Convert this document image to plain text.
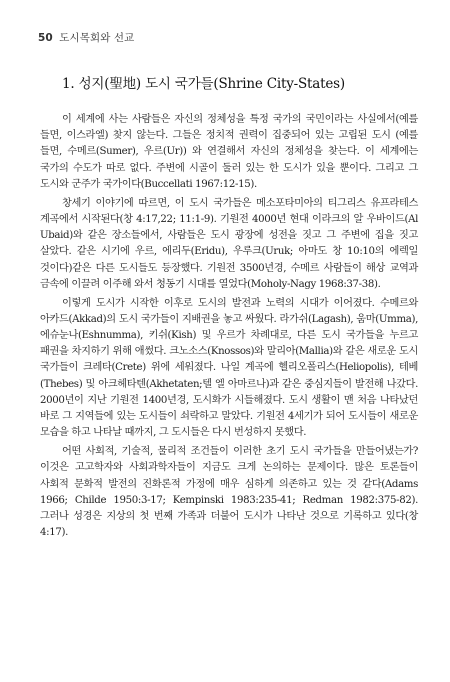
50 도시목회와 선교
1. 성지(聖地) 도시 국가들(Shrine City-States)

이 세계에 사는 사람들은 자신의 정체성을 특정 국가의 국민이라는 사실에서(예를 들면, 이스라엘) 찾지 않는다. 그들은 정치적 권력이 집중되어 있는 고립된 도시 (예를 들면, 수메르(Sumer), 우르(Ur)) 와 연결해서 자신의 정체성을 찾는다. 이 세계에는 국가의 수도가 따로 없다. 주변에 시골이 둘러 있는 한 도시가 있을 뿐이다. 그리고 그 도시와 군주가 국가이다(Buccellati 1967:12-15).

창세기 이야기에 따르면, 이 도시 국가들은 메소포타미아의 티그리스 유프라테스 계곡에서 시작된다(창 4:17,22; 11:1-9). 기원전 4000년 현대 이라크의 알 우바이드(Al Ubaid)와 같은 장소들에서, 사람들은 도시 광장에 성전을 짓고 그 주변에 집을 짓고 살았다. 같은 시기에 우르, 에리두(Eridu), 우루크(Uruk; 아마도 창 10:10의 에렉일 것이다)같은 다른 도시들도 등장했다. 기원전 3500년경, 수메르 사람들이 해상 교역과 금속에 이끌려 이주해 와서 청동기 시대를 열었다(Moholy-Nagy 1968:37-38).

이렇게 도시가 시작한 이후로 도시의 발전과 노력의 시대가 이어졌다. 수메르와 아카드(Akkad)의 도시 국가들이 지배권을 놓고 싸웠다. 라가쉬(Lagash), 움마(Umma), 에슈눈나(Eshnumma), 키쉬(Kish) 및 우르가 차례대로, 다른 도시 국가들을 누르고 패권을 차지하기 위해 애썼다. 크노소스(Knossos)와 말리아(Mallia)와 같은 새로운 도시 국가들이 크레타(Crete) 위에 세워졌다. 나일 계곡에 헬리오폴리스(Heliopolis), 테베(Thebes) 및 아크헤타텐(Akhetaten;텔 엘 아마르나)과 같은 중심지들이 발전해 나갔다. 2000년이 지난 기원전 1400년경, 도시화가 시들해졌다. 도시 생활이 맨 처음 나타났던 바로 그 지역들에 있는 도시들이 쇠락하고 말았다. 기원전 4세기가 되어 도시들이 새로운 모습을 하고 나타날 때까지, 그 도시들은 다시 번성하지 못했다.

어떤 사회적, 기술적, 물리적 조건들이 이러한 초기 도시 국가들을 만들어냈는가? 이것은 고고학자와 사회과학자들이 지금도 크게 논의하는 문제이다. 많은 토론들이 사회적 문화적 발전의 진화론적 가정에 매우 심하게 의존하고 있는 것 같다(Adams 1966; Childe 1950:3-17; Kempinski 1983:235-41; Redman 1982:375-82). 그러나 성경은 지상의 첫 번째 가족과 더불어 도시가 나타난 것으로 기록하고 있다(창 4:17).
